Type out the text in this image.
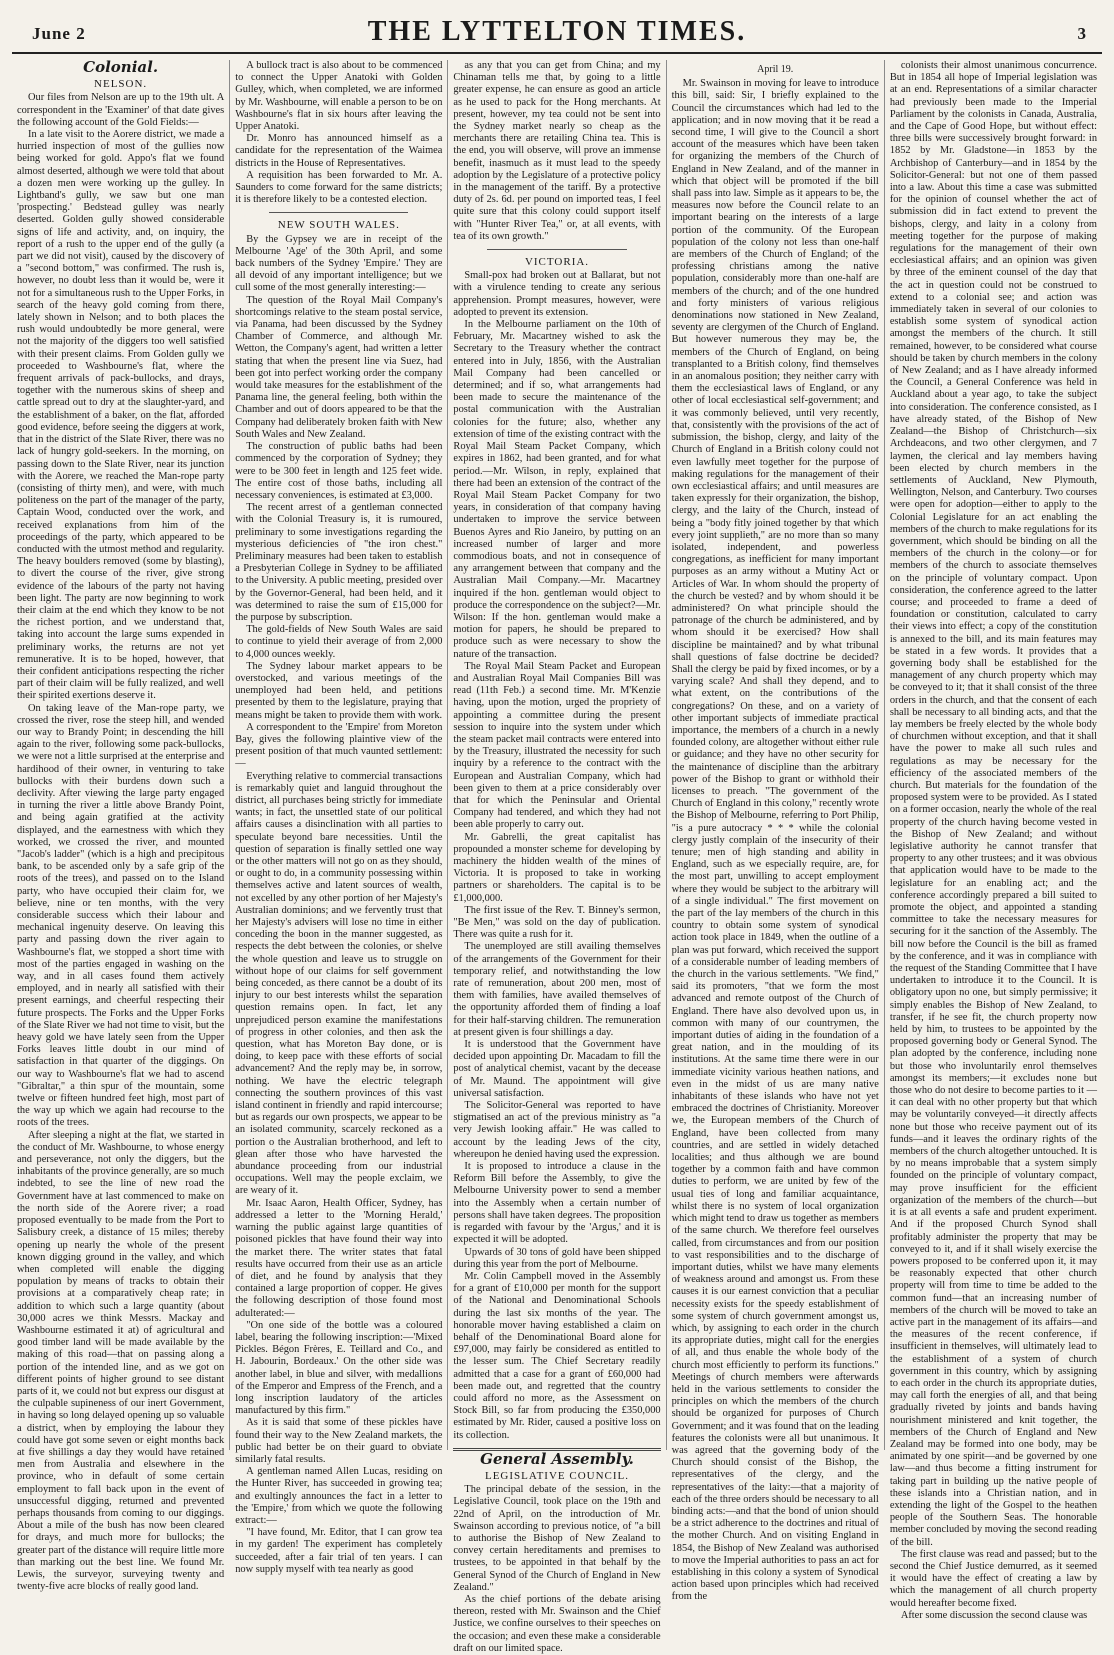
June 2	THE LYTTELTON TIMES.	3
Colonial.
NELSON.

Our files from Nelson are up to the 19th ult. A correspondent in the 'Examiner' of that date gives the following account of the Gold Fields:—

In a late visit to the Aorere district, we made a hurried inspection of most of the gullies now being worked for gold. Appo's flat we found almost deserted, although we were told that about a dozen men were working up the gulley. In Lightband's gully, we saw but one man 'prospecting.' Bedstead gulley was nearly deserted. Golden gully showed considerable signs of life and activity, and, on inquiry, the report of a rush to the upper end of the gully (a part we did not visit), caused by the discovery of a "second bottom," was confirmed. The rush is, however, no doubt less than it would be, were it not for a simultaneous rush to the Upper Forks, in search of the heavy gold coming from there, lately shown in Nelson; and to both places the rush would undoubtedly be more general, were not the majority of the diggers too well satisfied with their present claims. From Golden gully we proceeded to Washbourne's flat, where the frequent arrivals of pack-bullocks, and drays, together with the numerous skins of sheep and cattle spread out to dry at the slaughter-yard, and the establishment of a baker, on the flat, afforded good evidence, before seeing the diggers at work, that in the district of the Slate River, there was no lack of hungry gold-seekers. In the morning, on passing down to the Slate River, near its junction with the Aorere, we reached the Man-rope party (consisting of thirty men), and were, with much politeness on the part of the manager of the party, Captain Wood, conducted over the work, and received explanations from him of the proceedings of the party, which appeared to be conducted with the utmost method and regularity. The heavy boulders removed (some by blasting), to divert the course of the river, give strong evidence of the labours of the party not having been light. The party are now beginning to work their claim at the end which they know to be not the richest portion, and we understand that, taking into account the large sums expended in preliminary works, the returns are not yet remunerative. It is to be hoped, however, that their confident anticipations respecting the richer part of their claim will be fully realized, and well their spirited exertions deserve it.

On taking leave of the Man-rope party, we crossed the river, rose the steep hill, and wended our way to Brandy Point; in descending the hill again to the river, following some pack-bullocks, we were not a little surprised at the enterprise and hardihood of their owner, in venturing to take bullocks with their burdens down such a declivity. After viewing the large party engaged in turning the river a little above Brandy Point, and being again gratified at the activity displayed, and the earnestness with which they worked, we crossed the river, and mounted "Jacob's ladder" (which is a high and precipitous bank, to be ascended only by a safe grip of the roots of the trees), and passed on to the Island party, who have occupied their claim for, we believe, nine or ten months, with the very considerable success which their labour and mechanical ingenuity deserve. On leaving this party and passing down the river again to Washbourne's flat, we stopped a short time with most of the parties engaged in washing on the way, and in all cases found them actively employed, and in nearly all satisfied with their present earnings, and cheerful respecting their future prospects. The Forks and the Upper Forks of the Slate River we had not time to visit, but the heavy gold we have lately seen from the Upper Forks leaves little doubt in our mind of satisfaction in that quarter of the diggings. On our way to Washbourne's flat we had to ascend "Gibraltar," a thin spur of the mountain, some twelve or fifteen hundred feet high, most part of the way up which we again had recourse to the roots of the trees.

After sleeping a night at the flat, we started in the conduct of Mr. Washbourne, to whose energy and perseverance, not only the diggers, but the inhabitants of the province generally, are so much indebted, to see the line of new road the Government have at last commenced to make on the north side of the Aorere river; a road proposed eventually to be made from the Port to Salisbury creek, a distance of 15 miles; thereby opening up nearly the whole of the present known digging ground in the valley, and which when completed will enable the digging population by means of tracks to obtain their provisions at a comparatively cheap rate; in addition to which such a large quantity (about 30,000 acres we think Messrs. Mackay and Washbourne estimated it at) of agricultural and good timber land will be made available by the making of this road—that on passing along a portion of the intended line, and as we got on different points of higher ground to see distant parts of it, we could not but express our disgust at the culpable supineness of our inert Government, in having so long delayed opening up so valuable a district, when by employing the labour they could have got some seven or eight months back at five shillings a day they would have retained men from Australia and elsewhere in the province, who in default of some certain employment to fall back upon in the event of unsuccessful digging, returned and prevented perhaps thousands from coming to our diggings. About a mile of the bush has now been cleared for drays, and much more for bullocks; the greater part of the distance will require little more than marking out the best line. We found Mr. Lewis, the surveyor, surveying twenty and twenty-five acre blocks of really good land.

A bullock tract is also about to be commenced to connect the Upper Anatoki with Golden Gulley, which, when completed, we are informed by Mr. Washbourne, will enable a person to be on Washbourne's flat in six hours after leaving the Upper Anatoki.

Dr. Monro has announced himself as a candidate for the representation of the Waimea districts in the House of Representatives.

A requisition has been forwarded to Mr. A. Saunders to come forward for the same districts; it is therefore likely to be a contested election.

NEW SOUTH WALES.

By the Gypsey we are in receipt of the Melbourne 'Age' of the 30th April, and some back numbers of the Sydney 'Empire.' They are all devoid of any important intelligence; but we cull some of the most generally interesting:—

The question of the Royal Mail Company's shortcomings relative to the steam postal service, via Panama, had been discussed by the Sydney Chamber of Commerce, and although Mr. Wetton, the Company's agent, had written a letter stating that when the present line via Suez, had been got into perfect working order the company would take measures for the establishment of the Panama line, the general feeling, both within the Chamber and out of doors appeared to be that the Company had deliberately broken faith with New South Wales and New Zealand.

The construction of public baths had been commenced by the corporation of Sydney; they were to be 300 feet in length and 125 feet wide. The entire cost of those baths, including all necessary conveniences, is estimated at £3,000.

The recent arrest of a gentleman connected with the Colonial Treasury is, it is rumoured, preliminary to some investigations regarding the mysterious deficiencies of "the iron chest." Preliminary measures had been taken to establish a Presbyterian College in Sydney to be affiliated to the University. A public meeting, presided over by the Governor-General, had been held, and it was determined to raise the sum of £15,000 for the purpose by subscription.

The gold-fields of New South Wales are said to continue to yield their average of from 2,000 to 4,000 ounces weekly.

The Sydney labour market appears to be overstocked, and various meetings of the unemployed had been held, and petitions presented by them to the legislature, praying that means might be taken to provide them with work.

A correspondent to the 'Empire' from Moreton Bay, gives the following plaintive view of the present position of that much vaunted settlement:—

Everything relative to commercial transactions is remarkably quiet and languid throughout the district, all purchases being strictly for immediate wants; in fact, the unsettled state of our political affairs causes a disinclination with all parties to speculate beyond bare necessities. Until the question of separation is finally settled one way or the other matters will not go on as they should, or ought to do, in a community possessing within themselves active and latent sources of wealth, not excelled by any other portion of her Majesty's Australian dominions; and we fervently trust that her Majesty's advisers will lose no time in either conceding the boon in the manner suggested, as respects the debt between the colonies, or shelve the whole question and leave us to struggle on without hope of our claims for self government being conceded, as there cannot be a doubt of its injury to our best interests whilst the separation question remains open. In fact, let any unprejudiced person examine the manifestations of progress in other colonies, and then ask the question, what has Moreton Bay done, or is doing, to keep pace with these efforts of social advancement? And the reply may be, in sorrow, nothing. We have the electric telegraph connecting the southern provinces of this vast island continent in friendly and rapid intercourse; but as regards our own prospects, we appear to be an isolated community, scarcely reckoned as a portion o the Australian brotherhood, and left to glean after those who have harvested the abundance proceeding from our industrial occupations. Well may the people exclaim, we are weary of it.

Mr. Isaac Aaron, Health Officer, Sydney, has addressed a letter to the 'Morning Herald,' warning the public against large quantities of poisoned pickles that have found their way into the market there. The writer states that fatal results have occurred from their use as an article of diet, and he found by analysis that they contained a large proportion of copper. He gives the following description of those found most adulterated:—

"On one side of the bottle was a coloured label, bearing the following inscription:—'Mixed Pickles. Bégon Frères, E. Teillard and Co., and H. Jabourin, Bordeaux.' On the other side was another label, in blue and silver, with medallions of the Emperor and Empress of the French, and a long inscription laudatory of the articles manufactured by this firm."

As it is said that some of these pickles have found their way to the New Zealand markets, the public had better be on their guard to obviate similarly fatal results.

A gentleman named Allen Lucas, residing on the Hunter River, has succeeded in growing tea; and exultingly announces the fact in a letter to the 'Empire,' from which we quote the following extract:—

"I have found, Mr. Editor, that I can grow tea in my garden! The experiment has completely succeeded, after a fair trial of ten years. I can now supply myself with tea nearly as good

as any that you can get from China; and my Chinaman tells me that, by going to a little greater expense, he can ensure as good an article as he used to pack for the Hong merchants. At present, however, my tea could not be sent into the Sydney market nearly so cheap as the merchants there are retailing China tea. This is the end, you will observe, will prove an immense benefit, inasmuch as it must lead to the speedy adoption by the Legislature of a protective policy in the management of the tariff. By a protective duty of 2s. 6d. per pound on imported teas, I feel quite sure that this colony could support itself with "Hunter River Tea," or, at all events, with tea of its own growth."

VICTORIA.

Small-pox had broken out at Ballarat, but not with a virulence tending to create any serious apprehension. Prompt measures, however, were adopted to prevent its extension.

In the Melbourne parliament on the 10th of February, Mr. Macartney wished to ask the Secretary to the Treasury whether the contract entered into in July, 1856, with the Australian Mail Company had been cancelled or determined; and if so, what arrangements had been made to secure the maintenance of the postal communication with the Australian colonies for the future; also, whether any extension of time of the existing contract with the Royal Mail Steam Packet Company, which expires in 1862, had been granted, and for what period.—Mr. Wilson, in reply, explained that there had been an extension of the contract of the Royal Mail Steam Packet Company for two years, in consideration of that company having undertaken to improve the service between Buenos Ayres and Rio Janeiro, by putting on an increased number of larger and more commodious boats, and not in consequence of any arrangement between that company and the Australian Mail Company.—Mr. Macartney inquired if the hon. gentleman would object to produce the correspondence on the subject?—Mr. Wilson: If the hon. gentleman would make a motion for papers, he should be prepared to produce such as were necessary to show the nature of the transaction.

The Royal Mail Steam Packet and European and Australian Royal Mail Companies Bill was read (11th Feb.) a second time. Mr. M'Kenzie having, upon the motion, urged the propriety of appointing a committee during the present session to inquire into the system under which the steam packet mail contracts were entered into by the Treasury, illustrated the necessity for such inquiry by a reference to the contract with the European and Australian Company, which had been given to them at a price considerably over that for which the Peninsular and Oriental Company had tendered, and which they had not been able properly to carry out.

Mr. Gabrelli, the great capitalist has propounded a monster scheme for developing by machinery the hidden wealth of the mines of Victoria. It is proposed to take in working partners or shareholders. The capital is to be £1,000,000.

The first issue of the Rev. T. Binney's sermon, "Be Men," was sold on the day of publication. There was quite a rush for it.

The unemployed are still availing themselves of the arrangements of the Government for their temporary relief, and notwithstanding the low rate of remuneration, about 200 men, most of them with families, have availed themselves of the opportunity afforded them of finding a loaf for their half-starving children. The remuneration at present given is four shillings a day.

It is understood that the Government have decided upon appointing Dr. Macadam to fill the post of analytical chemist, vacant by the decease of Mr. Maund. The appointment will give universal satisfaction.

The Solicitor-General was reported to have stigmatised an act of the previous ministry as "a very Jewish looking affair." He was called to account by the leading Jews of the city, whereupon he denied having used the expression.

It is proposed to introduce a clause in the Reform Bill before the Assembly, to give the Melbourne University power to send a member into the Assembly when a certain number of persons shall have taken degrees. The proposition is regarded with favour by the 'Argus,' and it is expected it will be adopted.

Upwards of 30 tons of gold have been shipped during this year from the port of Melbourne.

Mr. Colin Campbell moved in the Assembly for a grant of £10,000 per month for the support of the National and Denominational Schools during the last six months of the year. The honorable mover having established a claim on behalf of the Denominational Board alone for £97,000, may fairly be considered as entitled to the lesser sum. The Chief Secretary readily admitted that a case for a grant of £60,000 had been made out, and regretted that the country could afford no more, as the Assessment on Stock Bill, so far from producing the £350,000 estimated by Mr. Rider, caused a positive loss on its collection.

General Assembly.
LEGISLATIVE COUNCIL.

The principal debate of the session, in the Legislative Council, took place on the 19th and 22nd of April, on the introduction of Mr. Swainson according to previous notice, of "a bill to authorise the Bishop of New Zealand to convey certain hereditaments and premises to trustees, to be appointed in that behalf by the General Synod of the Church of England in New Zealand."

As the chief portions of the debate arising thereon, rested with Mr. Swainson and the Chief Justice, we confine ourselves to their speeches on the occasion; and even these make a considerable draft on our limited space.

April 19.

Mr. Swainson in moving for leave to introduce this bill, said: Sir, I briefly explained to the Council the circumstances which had led to the application; and in now moving that it be read a second time, I will give to the Council a short account of the measures which have been taken for organizing the members of the Church of England in New Zealand, and of the manner in which that object will be promoted if the bill shall pass into law. Simple as it appears to be, the measures now before the Council relate to an important bearing on the interests of a large portion of the community. Of the European population of the colony not less than one-half are members of the Church of England; of the professing christians among the native population, considerably more than one-half are members of the church; and of the one hundred and forty ministers of various religious denominations now stationed in New Zealand, seventy are clergymen of the Church of England. But however numerous they may be, the members of the Church of England, on being transplanted to a British colony, find themselves in an anomalous position; they neither carry with them the ecclesiastical laws of England, or any other of local ecclesiastical self-government; and it was commonly believed, until very recently, that, consistently with the provisions of the act of submission, the bishop, clergy, and laity of the Church of England in a British colony could not even lawfully meet together for the purpose of making regulations for the management of their own ecclesiastical affairs; and until measures are taken expressly for their organization, the bishop, clergy, and the laity of the Church, instead of being a "body fitly joined together by that which every joint supplieth," are no more than so many isolated, independent, and powerless congregations, as inefficient for many important purposes as an army without a Mutiny Act or Articles of War. In whom should the property of the church be vested? and by whom should it be administered? On what principle should the patronage of the church be administered, and by whom should it be exercised? How shall discipline be maintained? and by what tribunal shall questions of false doctrine be decided? Shall the clergy be paid by fixed incomes, or by a varying scale? And shall they depend, and to what extent, on the contributions of the congregations? On these, and on a variety of other important subjects of immediate practical importance, the members of a church in a newly founded colony, are altogether without either rule or guidance; and they have no other security for the maintenance of discipline than the arbitrary power of the Bishop to grant or withhold their licenses to preach. "The government of the Church of England in this colony," recently wrote the Bishop of Melbourne, referring to Port Philip, "is a pure autocracy * * * while the colonial clergy justly complain of the insecurity of their tenure; men of high standing and ability in England, such as we especially require, are, for the most part, unwilling to accept employment where they would be subject to the arbitrary will of a single individual." The first movement on the part of the lay members of the church in this country to obtain some system of synodical action took place in 1849, when the outline of a plan was put forward, which received the support of a considerable number of leading members of the church in the various settlements. "We find," said its promoters, "that we form the most advanced and remote outpost of the Church of England. There have also devolved upon us, in common with many of our countrymen, the important duties of aiding in the foundation of a great nation, and in the moulding of its institutions. At the same time there were in our immediate vicinity various heathen nations, and even in the midst of us are many native inhabitants of these islands who have not yet embraced the doctrines of Christianity. Moreover we, the European members of the Church of England, have been collected from many countries, and are settled in widely detached localities; and thus although we are bound together by a common faith and have common duties to perform, we are united by few of the usual ties of long and familiar acquaintance, whilst there is no system of local organization which might tend to draw us together as members of the same church. We therefore feel ourselves called, from circumstances and from our position to vast responsibilities and to the discharge of important duties, whilst we have many elements of weakness around and amongst us. From these causes it is our earnest conviction that a peculiar necessity exists for the speedy establishment of some system of church government amongst us, which, by assigning to each order in the church its appropriate duties, might call for the energies of all, and thus enable the whole body of the church most efficiently to perform its functions." Meetings of church members were afterwards held in the various settlements to consider the principles on which the members of the church should be organized for purposes of Church Government; and it was found that on the leading features the colonists were all but unanimous. It was agreed that the governing body of the Church should consist of the Bishop, the representatives of the clergy, and the representatives of the laity:—that a majority of each of the three orders should be necessary to all binding acts:—and that the bond of union should be a strict adherence to the doctrines and ritual of the mother Church. And on visiting England in 1854, the Bishop of New Zealand was authorised to move the Imperial authorities to pass an act for establishing in this colony a system of Synodical action based upon principles which had received from the

colonists their almost unanimous concurrence. But in 1854 all hope of Imperial legislation was at an end. Representations of a similar character had previously been made to the Imperial Parliament by the colonists in Canada, Australia, and the Cape of Good Hope, but without effect: three bills were successively brought forward: in 1852 by Mr. Gladstone—in 1853 by the Archbishop of Canterbury—and in 1854 by the Solicitor-General: but not one of them passed into a law. About this time a case was submitted for the opinion of counsel whether the act of submission did in fact extend to prevent the bishops, clergy, and laity in a colony from meeting together for the purpose of making regulations for the management of their own ecclesiastical affairs; and an opinion was given by three of the eminent counsel of the day that the act in question could not be construed to extend to a colonial see; and action was immediately taken in several of our colonies to establish some system of synodical action amongst the members of the church. It still remained, however, to be considered what course should be taken by church members in the colony of New Zealand; and as I have already informed the Council, a General Conference was held in Auckland about a year ago, to take the subject into consideration. The conference consisted, as I have already stated, of the Bishop of New Zealand—the Bishop of Christchurch—six Archdeacons, and two other clergymen, and 7 laymen, the clerical and lay members having been elected by church members in the settlements of Auckland, New Plymouth, Wellington, Nelson, and Canterbury. Two courses were open for adoption—either to apply to the Colonial Legislature for an act enabling the members of the church to make regulations for its government, which should be binding on all the members of the church in the colony—or for members of the church to associate themselves on the principle of voluntary compact. Upon consideration, the conference agreed to the latter course; and proceeded to frame a deed of foundation or constitution, calculated to carry their views into effect; a copy of the constitution is annexed to the bill, and its main features may be stated in a few words. It provides that a governing body shall be established for the management of any church property which may be conveyed to it; that it shall consist of the three orders in the church, and that the consent of each shall be necessary to all binding acts, and that the lay members be freely elected by the whole body of churchmen without exception, and that it shall have the power to make all such rules and regulations as may be necessary for the efficiency of the associated members of the church. But materials for the foundation of the proposed system were to be provided. As I stated on a former occasion, nearly the whole of the real property of the church having become vested in the Bishop of New Zealand; and without legislative authority he cannot transfer that property to any other trustees; and it was obvious that application would have to be made to the legislature for an enabling act; and the conference accordingly prepared a bill suited to promote the object, and appointed a standing committee to take the necessary measures for securing for it the sanction of the Assembly. The bill now before the Council is the bill as framed by the conference, and it was in compliance with the request of the Standing Committee that I have undertaken to introduce it to the Council. It is obligatory upon no one, but simply permissive; it simply enables the Bishop of New Zealand, to transfer, if he see fit, the church property now held by him, to trustees to be appointed by the proposed governing body or General Synod. The plan adopted by the conference, including none but those who involuntarily enrol themselves amongst its members;—it excludes none but those who do not desire to become parties to it —it can deal with no other property but that which may be voluntarily conveyed—it directly affects none but those who receive payment out of its funds—and it leaves the ordinary rights of the members of the church altogether untouched. It is by no means improbable that a system simply founded on the principle of voluntary compact, may prove insufficient for the efficient organization of the members of the church—but it is at all events a safe and prudent experiment. And if the proposed Church Synod shall profitably administer the property that may be conveyed to it, and if it shall wisely exercise the powers proposed to be conferred upon it, it may be reasonably expected that other church property will from time to time be added to the common fund—that an increasing number of members of the church will be moved to take an active part in the management of its affairs—and the measures of the recent conference, if insufficient in themselves, will ultimately lead to the establishment of a system of church government in this country, which by assigning to each order in the church its appropriate duties, may call forth the energies of all, and that being gradually riveted by joints and bands having nourishment ministered and knit together, the members of the Church of England and New Zealand may be formed into one body, may be animated by one spirit—and be governed by one law—and thus become a fitting instrument for taking part in building up the native people of these islands into a Christian nation, and in extending the light of the Gospel to the heathen people of the Southern Seas. The honorable member concluded by moving the second reading of the bill.

The first clause was read and passed; but to the second the Chief Justice demurred, as it seemed it would have the effect of creating a law by which the management of all church property would hereafter become fixed.

After some discussion the second clause was
